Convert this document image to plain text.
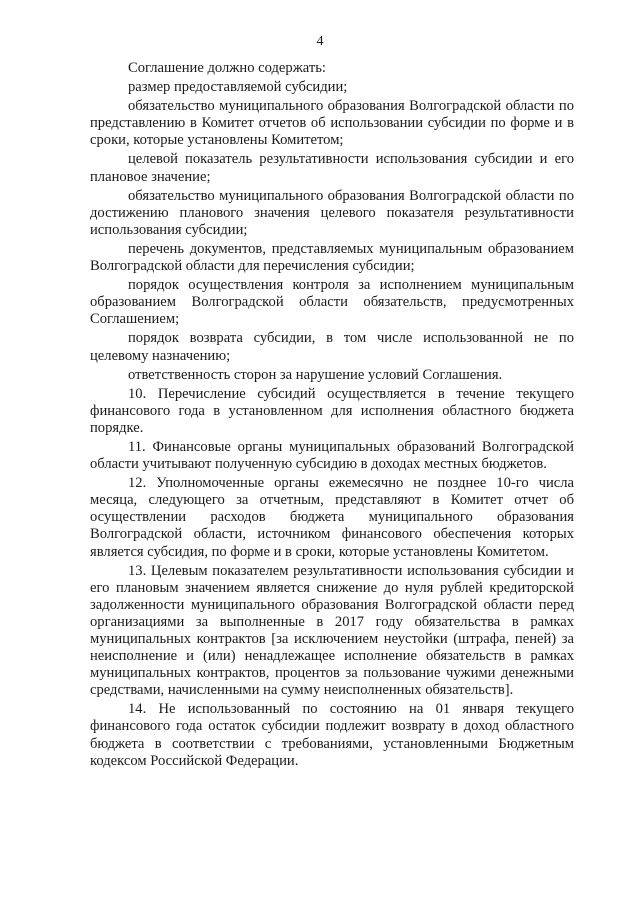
4

Соглашение должно содержать:

размер предоставляемой субсидии;

обязательство муниципального образования Волгоградской области по представлению в Комитет отчетов об использовании субсидии по форме и в сроки, которые установлены Комитетом;

целевой показатель результативности использования субсидии и его плановое значение;

обязательство муниципального образования Волгоградской области по достижению планового значения целевого показателя результативности использования субсидии;

перечень документов, представляемых муниципальным образованием Волгоградской области для перечисления субсидии;

порядок осуществления контроля за исполнением муниципальным образованием Волгоградской области обязательств, предусмотренных Соглашением;

порядок возврата субсидии, в том числе использованной не по целевому назначению;

ответственность сторон за нарушение условий Соглашения.

10. Перечисление субсидий осуществляется в течение текущего финансового года в установленном для исполнения областного бюджета порядке.

11. Финансовые органы муниципальных образований Волгоградской области учитывают полученную субсидию в доходах местных бюджетов.

12. Уполномоченные органы ежемесячно не позднее 10-го числа месяца, следующего за отчетным, представляют в Комитет отчет об осуществлении расходов бюджета муниципального образования Волгоградской области, источником финансового обеспечения которых является субсидия, по форме и в сроки, которые установлены Комитетом.

13. Целевым показателем результативности использования субсидии и его плановым значением является снижение до нуля рублей кредиторской задолженности муниципального образования Волгоградской области перед организациями за выполненные в 2017 году обязательства в рамках муниципальных контрактов [за исключением неустойки (штрафа, пеней) за неисполнение и (или) ненадлежащее исполнение обязательств в рамках муниципальных контрактов, процентов за пользование чужими денежными средствами, начисленными на сумму неисполненных обязательств].

14. Не использованный по состоянию на 01 января текущего финансового года остаток субсидии подлежит возврату в доход областного бюджета в соответствии с требованиями, установленными Бюджетным кодексом Российской Федерации.
